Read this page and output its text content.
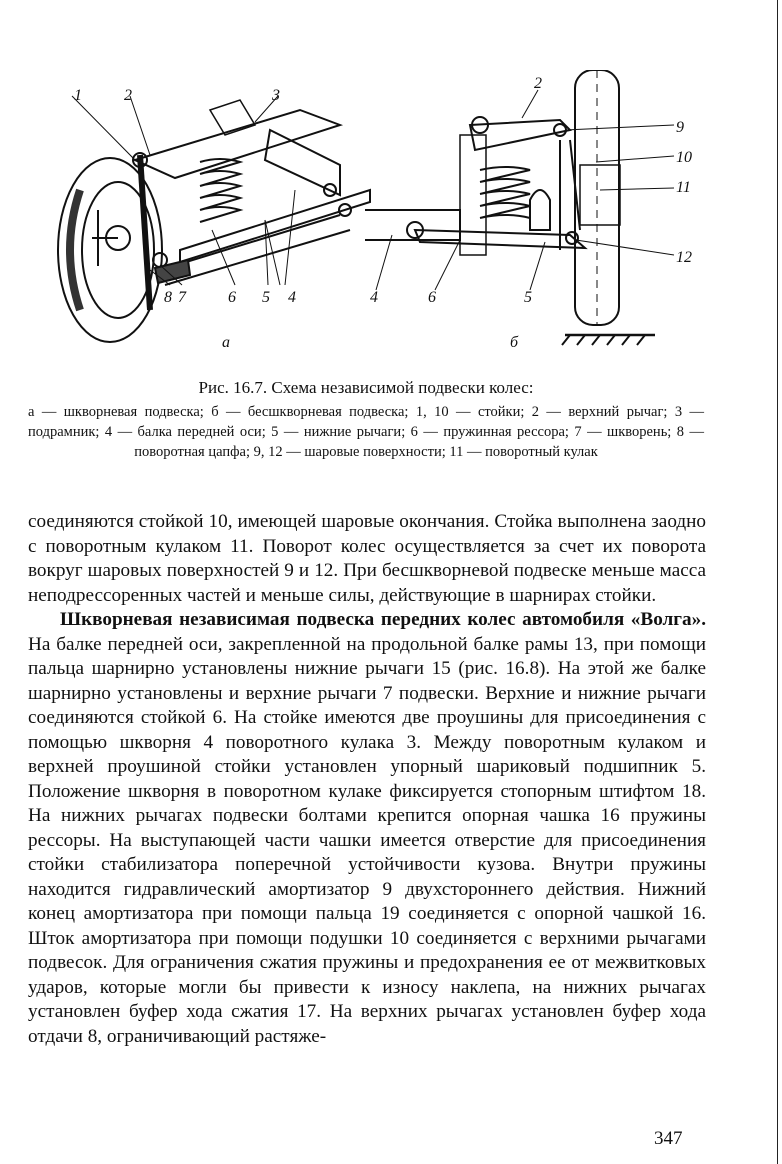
1	2	3
4
5
6
7
8
а
2
9
10
11
12
4	6	5
б
Рис. 16.7. Схема независимой подвески колес:
а — шкворневая подвеска; б — бесшкворневая подвеска; 1, 10 — стойки; 2 — верхний рычаг; 3 — подрамник; 4 — балка передней оси; 5 — нижние рычаги; 6 — пружинная рессора; 7 — шкворень; 8 — поворотная цапфа; 9, 12 — шаровые поверхности; 11 — поворотный кулак

соединяются стойкой 10, имеющей шаровые окончания. Стойка выполнена заодно с поворотным кулаком 11. Поворот колес осуществляется за счет их поворота вокруг шаровых поверхностей 9 и 12. При бесшкворневой подвеске меньше масса неподрессоренных частей и меньше силы, действующие в шарнирах стойки.

Шкворневая независимая подвеска передних колес автомобиля «Волга». На балке передней оси, закрепленной на продольной балке рамы 13, при помощи пальца шарнирно установлены нижние рычаги 15 (рис. 16.8). На этой же балке шарнирно установлены и верхние рычаги 7 подвески. Верхние и нижние рычаги соединяются стойкой 6. На стойке имеются две проушины для присоединения с помощью шкворня 4 поворотного кулака 3. Между поворотным кулаком и верхней проушиной стойки установлен упорный шариковый подшипник 5. Положение шкворня в поворотном кулаке фиксируется стопорным штифтом 18. На нижних рычагах подвески болтами крепится опорная чашка 16 пружины рессоры. На выступающей части чашки имеется отверстие для присоединения стойки стабилизатора поперечной устойчивости кузова. Внутри пружины находится гидравлический амортизатор 9 двухстороннего действия. Нижний конец амортизатора при помощи пальца 19 соединяется с опорной чашкой 16. Шток амортизатора при помощи подушки 10 соединяется с верхними рычагами подвесок. Для ограничения сжатия пружины и предохранения ее от межвитковых ударов, которые могли бы привести к износу наклепа, на нижних рычагах установлен буфер хода сжатия 17. На верхних рычагах установлен буфер хода отдачи 8, ограничивающий растяже-

347
